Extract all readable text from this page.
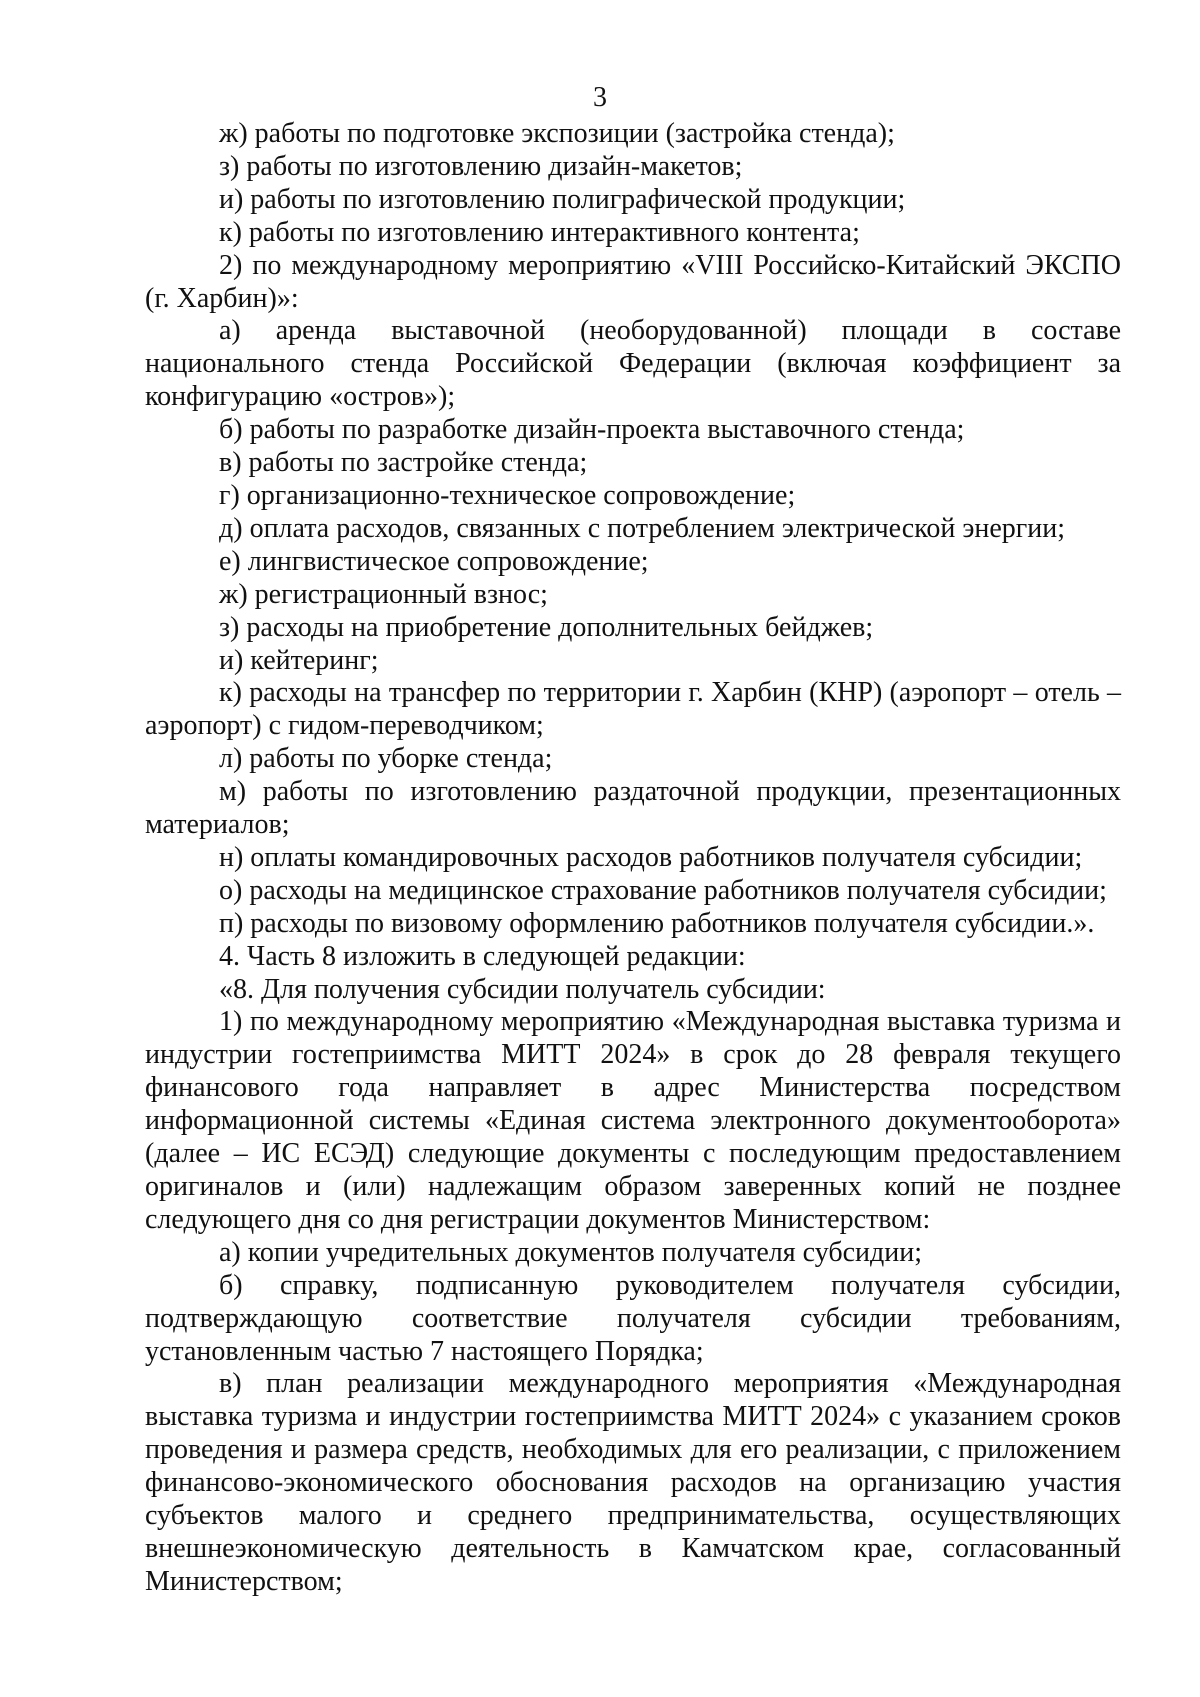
3

ж) работы по подготовке экспозиции (застройка стенда);

з) работы по изготовлению дизайн-макетов;

и) работы по изготовлению полиграфической продукции;

к) работы по изготовлению интерактивного контента;

2) по международному мероприятию «VIII Российско-Китайский ЭКСПО (г. Харбин)»:

а) аренда выставочной (необорудованной) площади в составе национального стенда Российской Федерации (включая коэффициент за конфигурацию «остров»);

б) работы по разработке дизайн-проекта выставочного стенда;

в) работы по застройке стенда;

г) организационно-техническое сопровождение;

д) оплата расходов, связанных с потреблением электрической энергии;

е) лингвистическое сопровождение;

ж) регистрационный взнос;

з) расходы на приобретение дополнительных бейджев;

и) кейтеринг;

к) расходы на трансфер по территории г. Харбин (КНР) (аэропорт – отель – аэропорт) с гидом-переводчиком;

л) работы по уборке стенда;

м) работы по изготовлению раздаточной продукции, презентационных материалов;

н) оплаты командировочных расходов работников получателя субсидии;

о) расходы на медицинское страхование работников получателя субсидии;

п) расходы по визовому оформлению работников получателя субсидии.».

4. Часть 8 изложить в следующей редакции:

«8. Для получения субсидии получатель субсидии:

1) по международному мероприятию «Международная выставка туризма и индустрии гостеприимства МИТТ 2024» в срок до 28 февраля текущего финансового года направляет в адрес Министерства посредством информационной системы «Единая система электронного документооборота» (далее – ИС ЕСЭД) следующие документы с последующим предоставлением оригиналов и (или) надлежащим образом заверенных копий не позднее следующего дня со дня регистрации документов Министерством:

а) копии учредительных документов получателя субсидии;

б) справку, подписанную руководителем получателя субсидии, подтверждающую соответствие получателя субсидии требованиям, установленным частью 7 настоящего Порядка;

в) план реализации международного мероприятия «Международная выставка туризма и индустрии гостеприимства МИТТ 2024» с указанием сроков проведения и размера средств, необходимых для его реализации, с приложением финансово-экономического обоснования расходов на организацию участия субъектов малого и среднего предпринимательства, осуществляющих внешнеэкономическую деятельность в Камчатском крае, согласованный Министерством;
